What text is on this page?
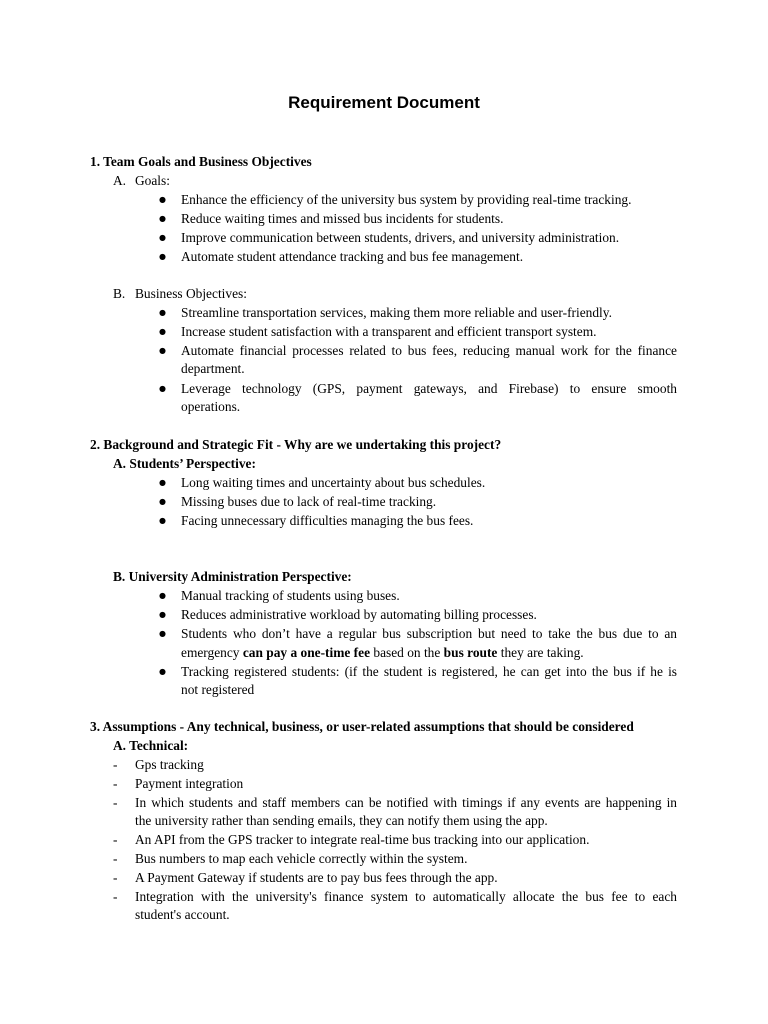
Requirement Document
1. Team Goals and Business Objectives
A. Goals:
● Enhance the efficiency of the university bus system by providing real-time tracking.
● Reduce waiting times and missed bus incidents for students.
● Improve communication between students, drivers, and university administration.
● Automate student attendance tracking and bus fee management.
B. Business Objectives:
● Streamline transportation services, making them more reliable and user-friendly.
● Increase student satisfaction with a transparent and efficient transport system.
● Automate financial processes related to bus fees, reducing manual work for the finance
department.
● Leverage technology (GPS, payment gateways, and Firebase) to ensure smooth
operations.
2. Background and Strategic Fit - Why are we undertaking this project?
A. Students’ Perspective:
● Long waiting times and uncertainty about bus schedules.
● Missing buses due to lack of real-time tracking.
● Facing unnecessary difficulties managing the bus fees.
B. University Administration Perspective:
● Manual tracking of students using buses.
● Reduces administrative workload by automating billing processes.
● Students who don’t have a regular bus subscription but need to take the bus due to an
emergency can pay a one-time fee based on the bus route they are taking.
● Tracking registered students: (if the student is registered, he can get into the bus if he is
not registered
3. Assumptions - Any technical, business, or user-related assumptions that should be considered
A. Technical:
- Gps tracking
- Payment integration
- In which students and staff members can be notified with timings if any events are happening in
the university rather than sending emails, they can notify them using the app.
- An API from the GPS tracker to integrate real-time bus tracking into our application.
- Bus numbers to map each vehicle correctly within the system.
- A Payment Gateway if students are to pay bus fees through the app.
- Integration with the university's finance system to automatically allocate the bus fee to each
student's account.
